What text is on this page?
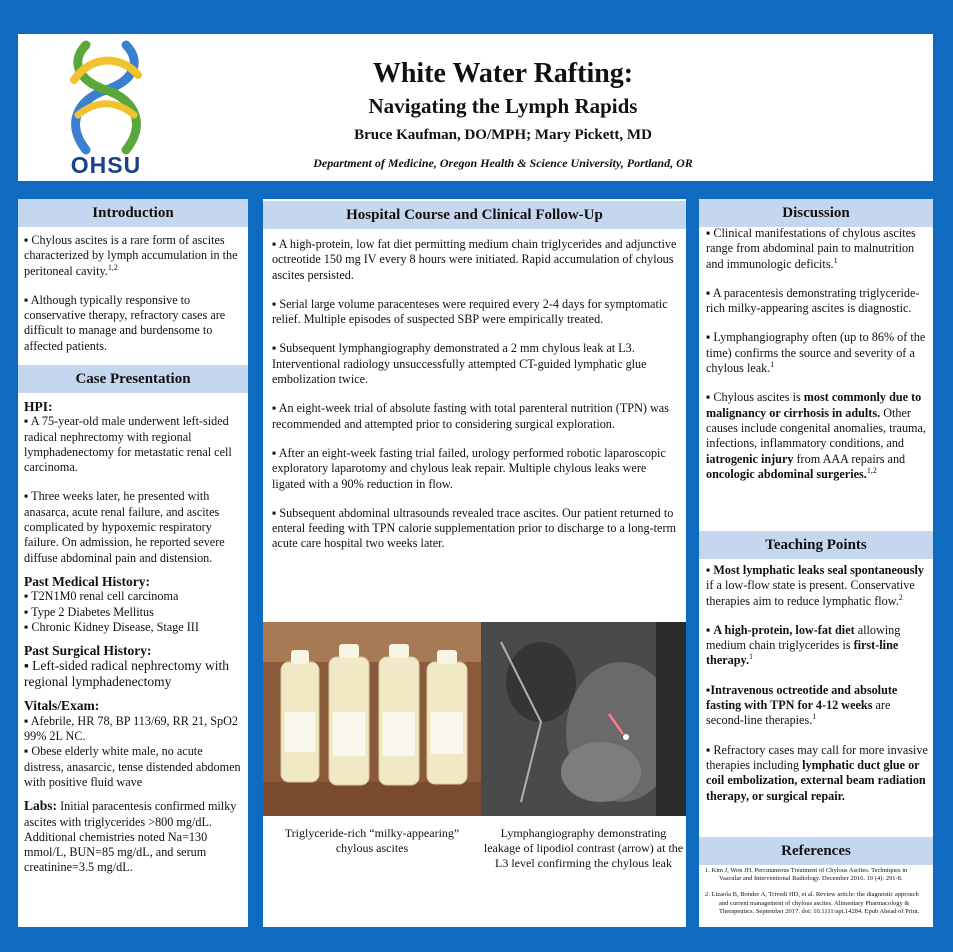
OHSU
White Water Rafting:
Navigating the Lymph Rapids
Bruce Kaufman, DO/MPH; Mary Pickett, MD
Department of Medicine, Oregon Health & Science University, Portland, OR
Introduction

▪ Chylous ascites is a rare form of ascites characterized by lymph accumulation in the peritoneal cavity.$^{1,2}$

▪ Although typically responsive to conservative therapy, refractory cases are difficult to manage and burdensome to affected patients.

Case Presentation
HPI:

▪ A 75-year-old male underwent left-sided radical nephrectomy with regional lymphadenectomy for metastatic renal cell carcinoma.

▪ Three weeks later, he presented with anasarca, acute renal failure, and ascites complicated by hypoxemic respiratory failure. On admission, he reported severe diffuse abdominal pain and distension.

Past Medical History:
▪ T2N1M0 renal cell carcinoma
▪ Type 2 Diabetes Mellitus
▪ Chronic Kidney Disease, Stage III
Past Surgical History:
▪ Left-sided radical nephrectomy with regional lymphadenectomy
Vitals/Exam:
▪ Afebrile, HR 78, BP 113/69, RR 21, SpO2 99% 2L NC.
▪ Obese elderly white male, no acute distress, anasarcic, tense distended abdomen with positive fluid wave
Labs: Initial paracentesis confirmed milky ascites with triglycerides >800 mg/dL. Additional chemistries noted Na=130 mmol/L, BUN=85 mg/dL, and serum creatinine=3.5 mg/dL.
Hospital Course and Clinical Follow-Up

▪ A high-protein, low fat diet permitting medium chain triglycerides and adjunctive octreotide 150 mg IV every 8 hours were initiated. Rapid accumulation of chylous ascites persisted.

▪ Serial large volume paracenteses were required every 2-4 days for symptomatic relief. Multiple episodes of suspected SBP were empirically treated.

▪ Subsequent lymphangiography demonstrated a 2 mm chylous leak at L3. Interventional radiology unsuccessfully attempted CT-guided lymphatic glue embolization twice.

▪ An eight-week trial of absolute fasting with total parenteral nutrition (TPN) was recommended and attempted prior to considering surgical exploration.

▪ After an eight-week fasting trial failed, urology performed robotic laparoscopic exploratory laparotomy and chylous leak repair. Multiple chylous leaks were ligated with a 90% reduction in flow.

▪ Subsequent abdominal ultrasounds revealed trace ascites. Our patient returned to enteral feeding with TPN calorie supplementation prior to discharge to a long-term acute care hospital two weeks later.

Triglyceride-rich “milky-appearing” chylous ascites
Lymphangiography demonstrating leakage of lipodiol contrast (arrow) at the L3 level confirming the chylous leak
Discussion

▪ Clinical manifestations of chylous ascites range from abdominal pain to malnutrition and immunologic deficits.$^1$

▪ A paracentesis demonstrating triglyceride-rich milky-appearing ascites is diagnostic.

▪ Lymphangiography often (up to 86% of the time) confirms the source and severity of a chylous leak.$^1$

▪ Chylous ascites is most commonly due to malignancy or cirrhosis in adults. Other causes include congenital anomalies, trauma, infections, inflammatory conditions, and iatrogenic injury from AAA repairs and oncologic abdominal surgeries.$^{1,2}$

Teaching Points

▪ Most lymphatic leaks seal spontaneously if a low-flow state is present. Conservative therapies aim to reduce lymphatic flow.$^2$

▪ A high-protein, low-fat diet allowing medium chain triglycerides is first-line therapy.$^1$

▪Intravenous octreotide and absolute fasting with TPN for 4-12 weeks are second-line therapies.$^1$

▪ Refractory cases may call for more invasive therapies including lymphatic duct glue or coil embolization, external beam radiation therapy, or surgical repair.

References

1. Kim J, Won JH. Percutaneous Treatment of Chylous Ascites. Techniques in Vascular and Interventional Radiology. December 2016. 19 (4): 291-8.

2. Lizaola B, Bonder A, Trivedi HD, et al. Review article: the diagnostic approach and current management of chylous ascites. Alimentary Pharmacology & Therapeutics. September 2017. doi: 10.1111/apt.14284. Epub Ahead of Print.
